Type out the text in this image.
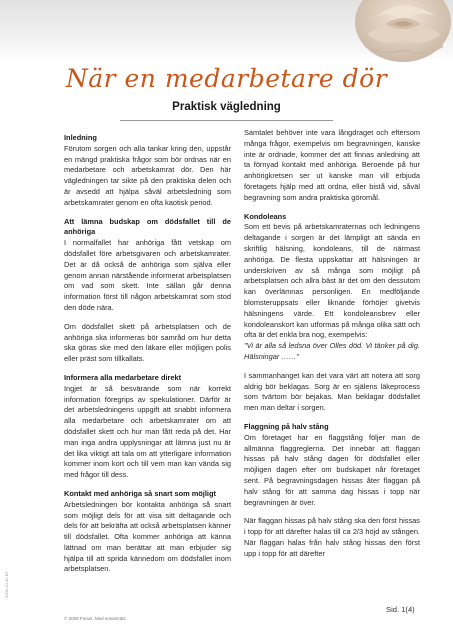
När en medarbetare dör
Praktisk vägledning
Inledning

Förutom sorgen och alla tankar kring den, uppstår en mängd praktiska frågor som bör ordnas när en medarbetare och arbetskamrat dör. Den här vägledningen tar sikte på den praktiska delen och är avsedd att hjälpa såväl arbetsledning som arbetskamrater genom en ofta kaotisk period.

Att lämna budskap om dödsfallet till de anhöriga

I normalfallet har anhöriga fått vetskap om dödsfallet före arbetsgivaren och arbetskamrater. Det är då också de anhöriga som själva eller genom annan närstående informerat arbetsplatsen om vad som skett. Inte sällan går denna information först till någon arbetskamrat som stod den döde nära.

Om dödsfallet skett på arbetsplatsen och de anhöriga ska informeras bör samråd om hur detta ska göras ske med den läkare eller möjligen polis eller präst som tillkallats.

Informera alla medarbetare direkt

Ingjet är så besvärande som när korrekt information föregrips av spekulationer. Därför är det arbetsledningens uppgift att snabbt informera alla medarbetare och arbetskamrater om att dödsfallet skett och hur man fått reda på det. Har man inga andra upplysningar att lämna just nu är det lika viktigt att tala om att ytterligare information kommer inom kort och till vem man kan vända sig med frågor till dess.

Kontakt med anhöriga så snart som möjligt

Arbetsledningen bör kontakta anhöriga så snart som möjligt dels för att visa sitt deltagande och dels för att bekräfta att också arbetsplatsen känner till dödsfallet. Ofta kommer anhöriga att känna lättnad om man berättar att man erbjuder sig hjälpa till att sprida kännedom om dödsfallet inom arbetsplatsen.

Samtalet behöver inte vara långdraget och eftersom många frågor, exempelvis om begravningen, kanske inte är ordnade, kommer det att finnas anledning att ta förnyad kontakt med anhöriga. Beroende på hur anhörigkretsen ser ut kanske man vill erbjuda företagets hjälp med att ordna, eller bistå vid, såväl begravning som andra praktiska göromål.

Kondoleans

Som ett bevis på arbetskamraternas och ledningens deltagande i sorgen är det lämpligt att sända en skriftlig hälsning, kondoleans, till de närmast anhöriga. De flesta uppskattar att hälsningen är underskriven av så många som möjligt på arbetsplatsen och allra bäst är det om den dessutom kan överlämnas personligen. En medföljande blomsteruppsats eller liknande förhöjer givetvis hälsningens värde. Ett kondoleansbrev eller kondoleanskort kan utformas på många olika sätt och ofta är det enkla bra nog, exempelvis:

"Vi är alla så ledsna över Olles död. Vi tänker på dig. Hälsningar ……"

I sammanhanget kan det vara värt att notera att sorg aldrig bör beklagas. Sorg är en själens läkeprocess som tvärtom bör bejakas. Man beklagar dödsfallet men man deltar i sorgen.

Flaggning på halv stång

Om företaget har en flaggstång följer man de allmänna flaggreglerna. Det innebär att flaggan hissas på halv stång dagen för dödsfallet eller möjligen dagen efter om budskapet når företaget sent. På begravningsdagen hissas åter flaggan på halv stång för att samma dag hissas i topp när begravningen är över.

När flaggan hissas på halv stång ska den först hissas i topp för att därefter halas till ca 2/3 höjd av stången. När flaggan halas från halv stång hissas den först upp i topp för att därefter

2009-10-30 BT
© 2009 Fonus. Med ensamrätt.
Sid. 1(4)
